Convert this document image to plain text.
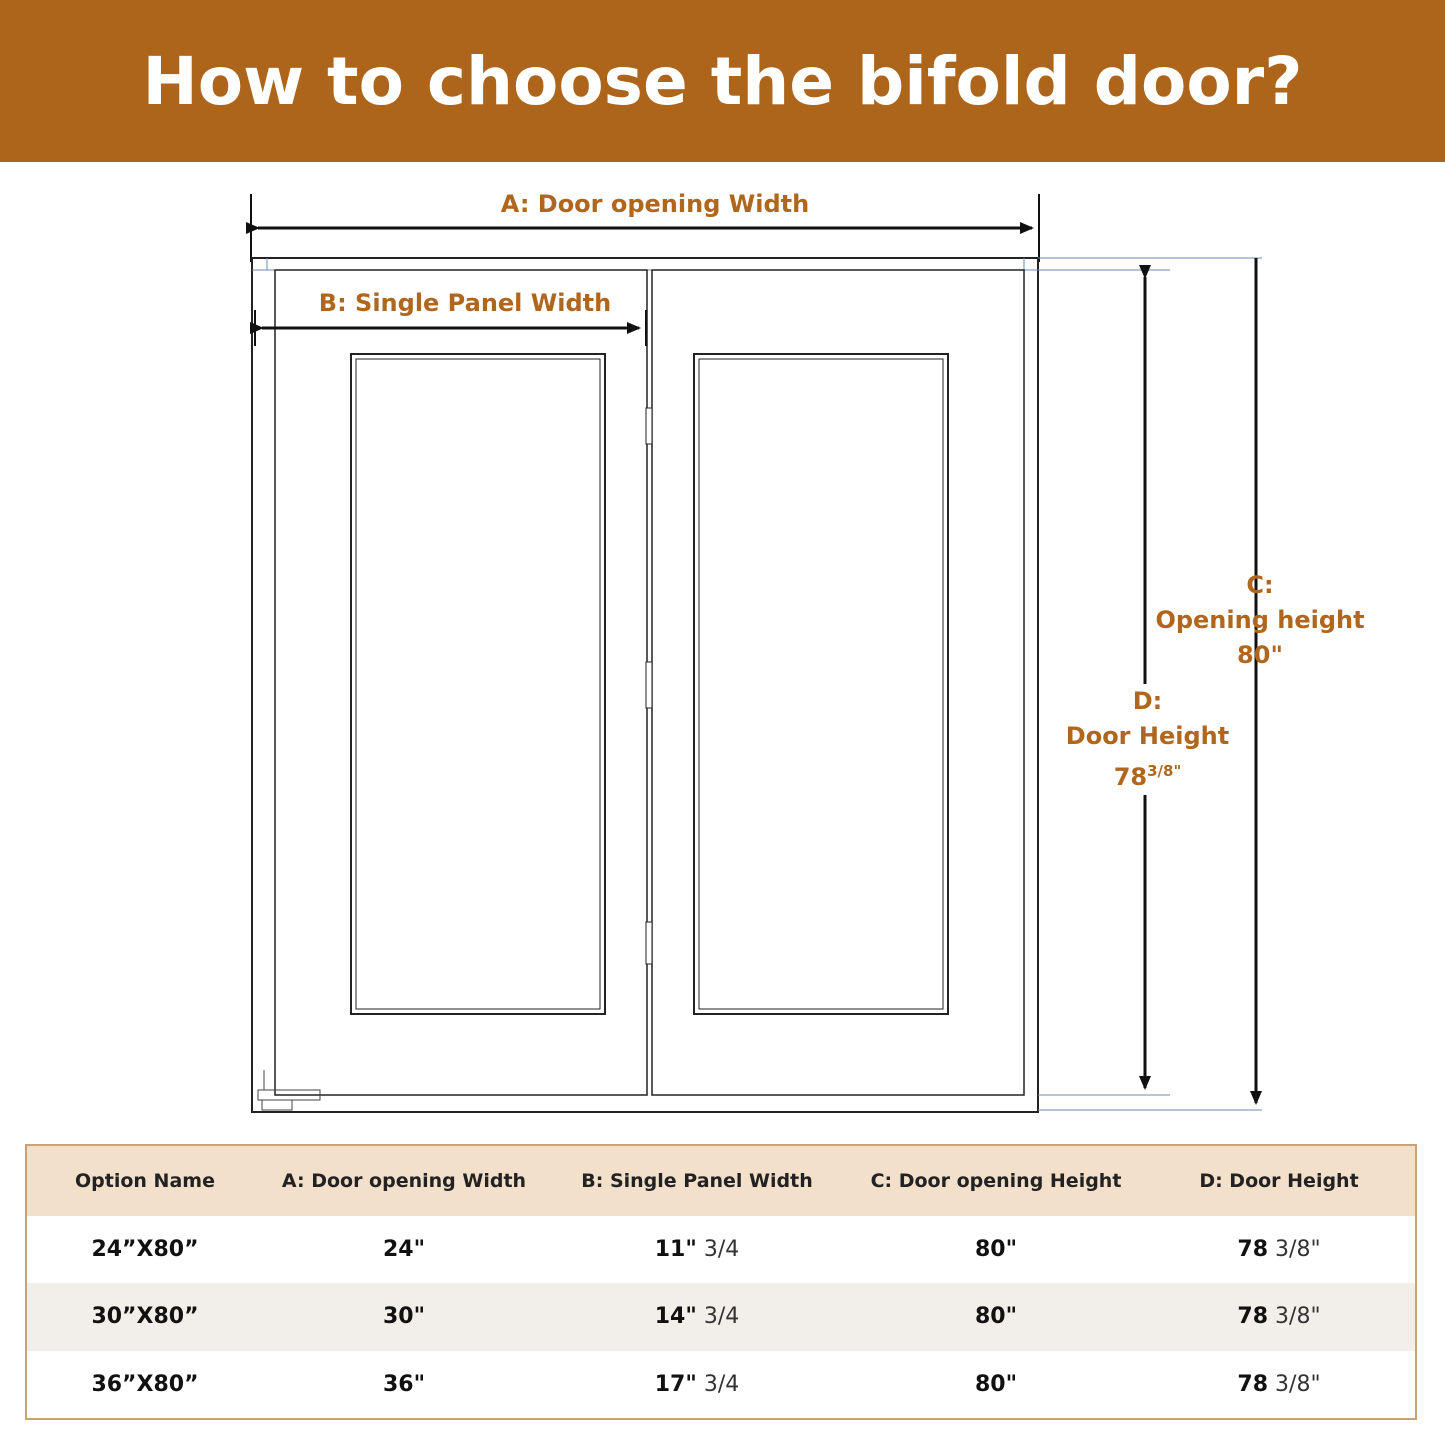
How to choose the bifold door?
A: Door opening Width
B: Single Panel Width
C:
Opening height
80"
D:
Door Height
$78^{3/8"}$
Option Name	A: Door opening Width	B: Single Panel Width	C: Door opening Height	D: Door Height
24”X80”	24"	11" 3/4	80"	78 3/8"
30”X80”	30"	14" 3/4	80"	78 3/8"
36”X80”	36"	17" 3/4	80"	78 3/8"
